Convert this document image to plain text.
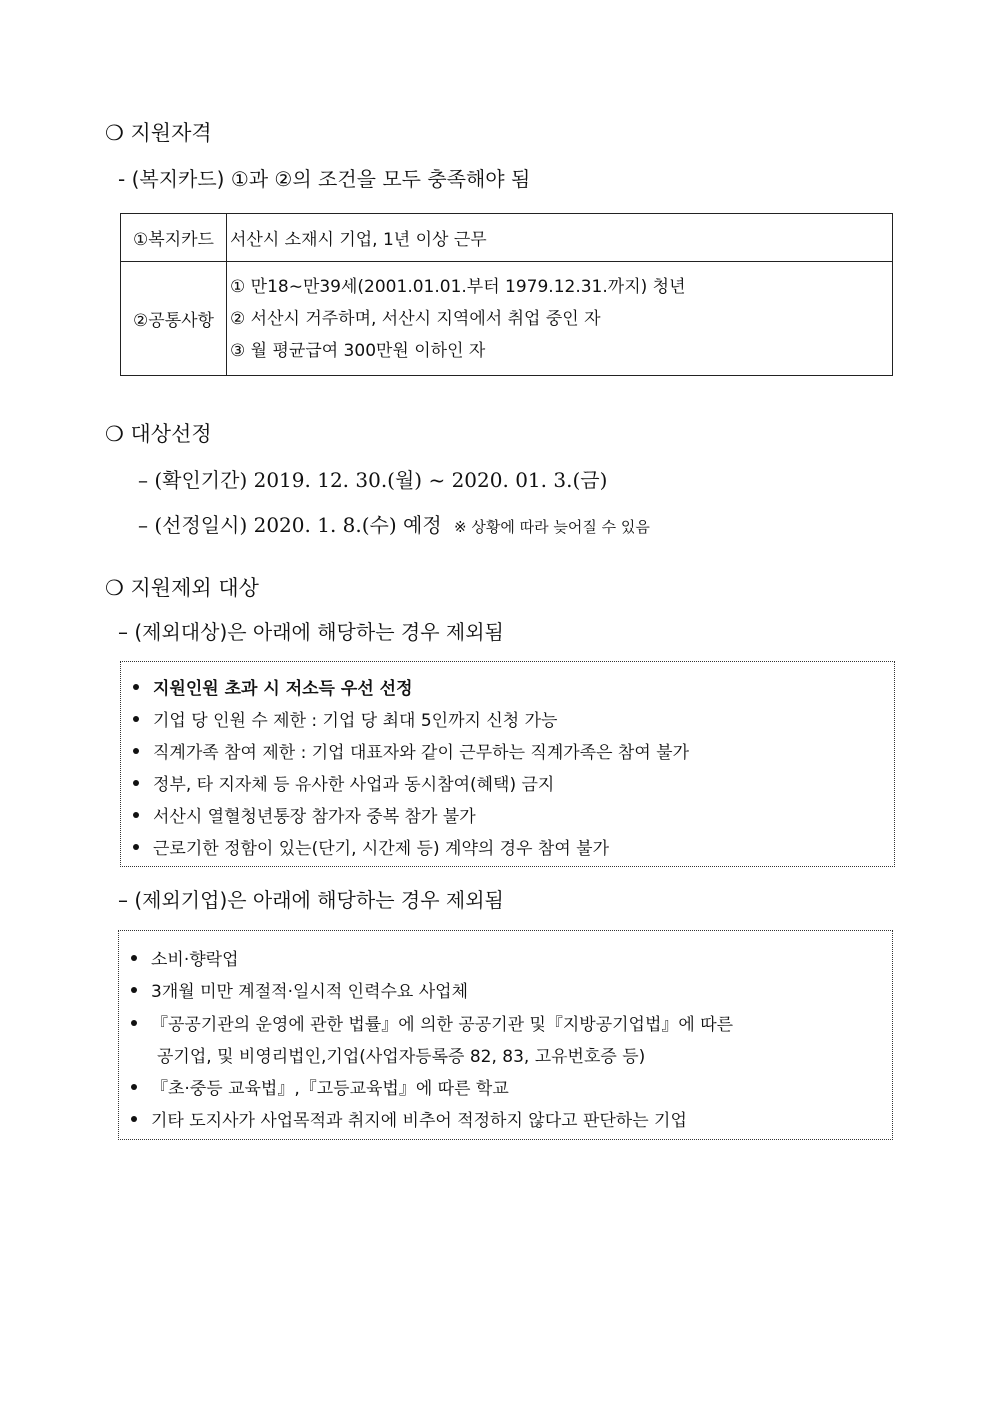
❍ 지원자격
- (복지카드) ①과 ②의 조건을 모두 충족해야 됨
①복지카드	서산시 소재시 기업, 1년 이상 근무
②공통사항	① 만18∼만39세(2001.01.01.부터 1979.12.31.까지) 청년
② 서산시 거주하며, 서산시 지역에서 취업 중인 자
③ 월 평균급여 300만원 이하인 자
❍ 대상선정
– (확인기간) 2019. 12. 30.(월) ~ 2020. 01. 3.(금)
– (선정일시) 2020. 1. 8.(수) 예정 ※ 상황에 따라 늦어질 수 있음
❍ 지원제외 대상
– (제외대상)은 아래에 해당하는 경우 제외됨
지원인원 초과 시 저소득 우선 선정
기업 당 인원 수 제한 : 기업 당 최대 5인까지 신청 가능
직계가족 참여 제한 : 기업 대표자와 같이 근무하는 직계가족은 참여 불가
정부, 타 지자체 등 유사한 사업과 동시참여(혜택) 금지
서산시 열혈청년통장 참가자 중복 참가 불가
근로기한 정함이 있는(단기, 시간제 등) 계약의 경우 참여 불가
– (제외기업)은 아래에 해당하는 경우 제외됨
소비·향락업
3개월 미만 계절적·일시적 인력수요 사업체
『공공기관의 운영에 관한 법률』에 의한 공공기관 및『지방공기업법』에 따른
공기업, 및 비영리법인,기업(사업자등록증 82, 83, 고유번호증 등)
『초·중등 교육법』,『고등교육법』에 따른 학교
기타 도지사가 사업목적과 취지에 비추어 적정하지 않다고 판단하는 기업
